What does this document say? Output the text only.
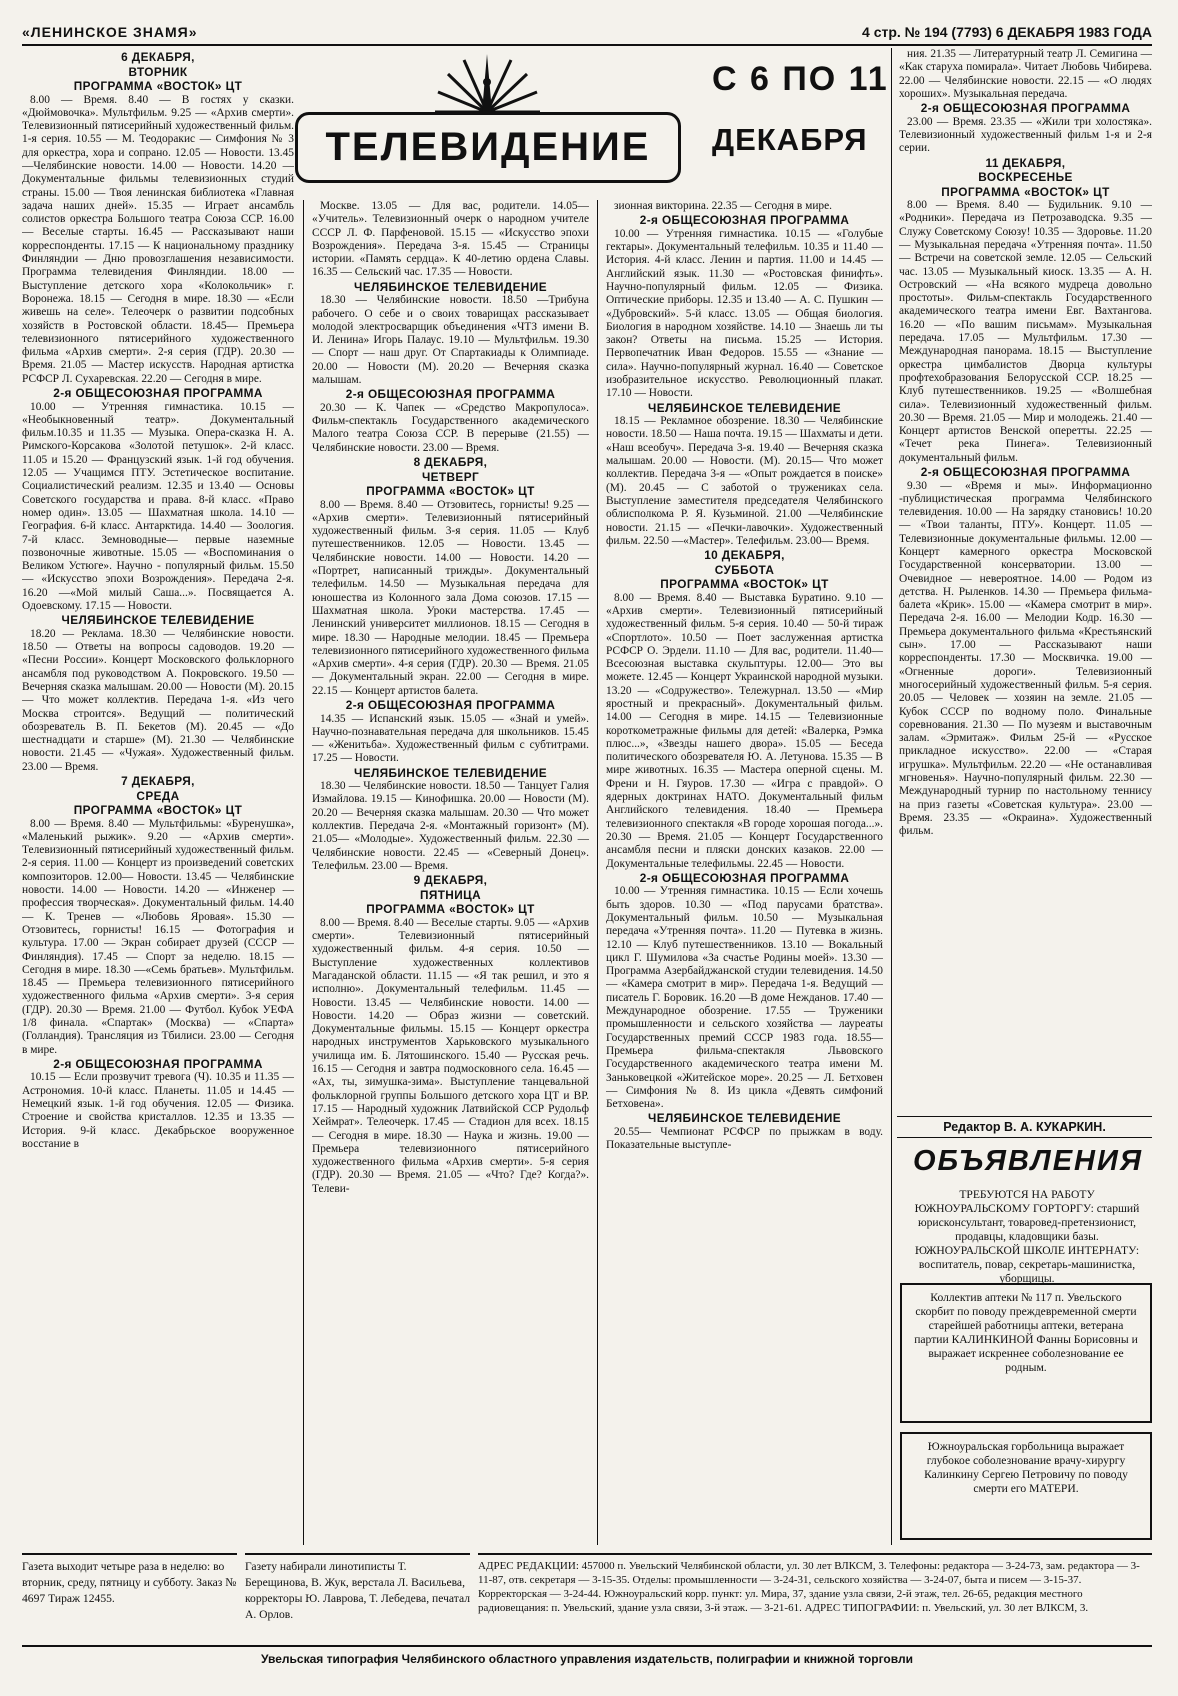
«ЛЕНИНСКОЕ ЗНАМЯ»	4 стр. № 194 (7793) 6 ДЕКАБРЯ 1983 ГОДА
ТЕЛЕВИДЕНИЕ
С 6 ПО 11
ДЕКАБРЯ
6 ДЕКАБРЯ,
ВТОРНИК
ПРОГРАММА «ВОСТОК» ЦТ

8.00 — Время. 8.40 — В гостях у сказки. «Дюймовочка». Мультфильм. 9.25 — «Архив смерти». Телевизионный пятисерийный художественный фильм. 1-я серия. 10.55 — М. Теодоракис — Симфония № 3 для оркестра, хора и сопрано. 12.05 — Новости. 13.45 —Челябинские новости. 14.00 — Новости. 14.20 — Документальные фильмы телевизионных студий страны. 15.00 — Твоя ленинская библиотека «Главная задача наших дней». 15.35 — Играет ансамбль солистов оркестра Большого театра Союза ССР. 16.00 — Веселые старты. 16.45 — Рассказывают наши корреспонденты. 17.15 — К национальному празднику Финляндии — Дню провозглашения независимости. Программа телевидения Финляндии. 18.00 —Выступление детского хора «Колокольчик» г. Воронежа. 18.15 — Сегодня в мире. 18.30 — «Если живешь на селе». Телеочерк о развитии подсобных хозяйств в Ростовской области. 18.45— Премьера телевизионного пятисерийного художественного фильма «Архив смерти». 2-я серия (ГДР). 20.30 — Время. 21.05 — Мастер искусств. Народная артистка РСФСР Л. Сухаревская. 22.20 — Сегодня в мире.

2-я ОБЩЕСОЮЗНАЯ ПРОГРАММА

10.00 — Утренняя гимнастика. 10.15 — «Необыкновенный театр». Документальный фильм.10.35 и 11.35 — Музыка. Опера-сказка Н. А. Римского-Корсакова «Золотой петушок». 2-й класс. 11.05 и 15.20 — Французский язык. 1-й год обучения. 12.05 — Учащимся ПТУ. Эстетическое воспитание. Социалистический реализм. 12.35 и 13.40 — Основы Советского государства и права. 8-й класс. «Право номер один». 13.05 — Шахматная школа. 14.10 — География. 6-й класс. Антарктида. 14.40 — Зоология. 7-й класс. Земноводные— первые наземные позвоночные животные. 15.05 — «Воспоминания о Великом Устюге». Научно - популярный фильм. 15.50 — «Искусство эпохи Возрождения». Передача 2-я. 16.20 —«Мой милый Саша...». Посвящается А. Одоевскому. 17.15 — Новости.

ЧЕЛЯБИНСКОЕ ТЕЛЕВИДЕНИЕ

18.20 — Реклама. 18.30 — Челябинские новости. 18.50 — Ответы на вопросы садоводов. 19.20 — «Песни России». Концерт Московского фольклорного ансамбля под руководством А. Покровского. 19.50 — Вечерняя сказка малышам. 20.00 — Новости (М). 20.15 — Что может коллектив. Передача 1-я. «Из чего Москва строится». Ведущий — политический обозреватель В. П. Бекетов (М). 20.45 — «До шестнадцати и старше» (М). 21.30 — Челябинские новости. 21.45 — «Чужая». Художественный фильм. 23.00 — Время.

7 ДЕКАБРЯ,
СРЕДА
ПРОГРАММА «ВОСТОК» ЦТ

8.00 — Время. 8.40 — Мультфильмы: «Буренушка», «Маленький рыжик». 9.20 — «Архив смерти». Телевизионный пятисерийный художественный фильм. 2-я серия. 11.00 — Концерт из произведений советских композиторов. 12.00— Новости. 13.45 — Челябинские новости. 14.00 — Новости. 14.20 — «Инженер — профессия творческая». Документальный фильм. 14.40 — К. Тренев — «Любовь Яровая». 15.30 — Отзовитесь, горнисты! 16.15 — Фотография и культура. 17.00 — Экран собирает друзей (СССР — Финляндия). 17.45 — Спорт за неделю. 18.15 — Сегодня в мире. 18.30 —«Семь братьев». Мультфильм. 18.45 — Премьера телевизионного пятисерийного художественного фильма «Архив смерти». 3-я серия (ГДР). 20.30 — Время. 21.00 — Футбол. Кубок УЕФА 1/8 финала. «Спартак» (Москва) — «Спарта» (Голландия). Трансляция из Тбилиси. 23.00 — Сегодня в мире.

2-я ОБЩЕСОЮЗНАЯ ПРОГРАММА

10.15 — Если прозвучит тревога (Ч). 10.35 и 11.35 — Астрономия. 10-й класс. Планеты. 11.05 и 14.45 — Немецкий язык. 1-й год обучения. 12.05 — Физика. Строение и свойства кристаллов. 12.35 и 13.35 — История. 9-й класс. Декабрьское вооруженное восстание в

Москве. 13.05 — Для вас, родители. 14.05— «Учитель». Телевизионный очерк о народном учителе СССР Л. Ф. Парфеновой. 15.15 — «Искусство эпохи Возрождения». Передача 3-я. 15.45 — Страницы истории. «Память сердца». К 40-летию ордена Славы. 16.35 — Сельский час. 17.35 — Новости.

ЧЕЛЯБИНСКОЕ ТЕЛЕВИДЕНИЕ

18.30 — Челябинские новости. 18.50 —Трибуна рабочего. О себе и о своих товарищах рассказывает молодой электросварщик объединения «ЧТЗ имени В. И. Ленина» Игорь Палаус. 19.10 — Мультфильм. 19.30 — Спорт — наш друг. От Спартакиады к Олимпиаде. 20.00 — Новости (М). 20.20 — Вечерняя сказка малышам.

2-я ОБЩЕСОЮЗНАЯ ПРОГРАММА

20.30 — К. Чапек — «Средство Макропулоса». Фильм-спектакль Государственного академического Малого театра Союза ССР. В перерыве (21.55) — Челябинские новости. 23.00 — Время.

8 ДЕКАБРЯ,
ЧЕТВЕРГ
ПРОГРАММА «ВОСТОК» ЦТ

8.00 — Время. 8.40 — Отзовитесь, горнисты! 9.25 — «Архив смерти». Телевизионный пятисерийный художественный фильм. 3-я серия. 11.05 — Клуб путешественников. 12.05 — Новости. 13.45 — Челябинские новости. 14.00 — Новости. 14.20 — «Портрет, написанный трижды». Документальный телефильм. 14.50 — Музыкальная передача для юношества из Колонного зала Дома союзов. 17.15 — Шахматная школа. Уроки мастерства. 17.45 — Ленинский университет миллионов. 18.15 — Сегодня в мире. 18.30 — Народные мелодии. 18.45 — Премьера телевизионного пятисерийного художественного фильма «Архив смерти». 4-я серия (ГДР). 20.30 — Время. 21.05 — Документальный экран. 22.00 — Сегодня в мире. 22.15 — Концерт артистов балета.

2-я ОБЩЕСОЮЗНАЯ ПРОГРАММА

14.35 — Испанский язык. 15.05 — «Знай и умей». Научно-познавательная передача для школьников. 15.45 — «Женитьба». Художественный фильм с субтитрами. 17.25 — Новости.

ЧЕЛЯБИНСКОЕ ТЕЛЕВИДЕНИЕ

18.30 — Челябинские новости. 18.50 — Танцует Галия Измайлова. 19.15 — Кинофишка. 20.00 — Новости (М). 20.20 — Вечерняя сказка малышам. 20.30 — Что может коллектив. Передача 2-я. «Монтажный горизонт» (М). 21.05— «Молодые». Художественный фильм. 22.30 — Челябинские новости. 22.45 — «Северный Донец». Телефильм. 23.00 — Время.

9 ДЕКАБРЯ,
ПЯТНИЦА
ПРОГРАММА «ВОСТОК» ЦТ

8.00 — Время. 8.40 — Веселые старты. 9.05 — «Архив смерти». Телевизионный пятисерийный художественный фильм. 4-я серия. 10.50 — Выступление художественных коллективов Магаданской области. 11.15 — «Я так решил, и это я исполню». Документальный телефильм. 11.45 — Новости. 13.45 — Челябинские новости. 14.00 — Новости. 14.20 — Образ жизни — советский. Документальные фильмы. 15.15 — Концерт оркестра народных инструментов Харьковского музыкального училища им. Б. Лятошинского. 15.40 — Русская речь. 16.15 — Сегодня и завтра подмосковного села. 16.45 — «Ах, ты, зимушка-зима». Выступление танцевальной фольклорной группы Большого детского хора ЦТ и ВР. 17.15 — Народный художник Латвийской ССР Рудольф Хеймрат». Телеочерк. 17.45 — Стадион для всех. 18.15 — Сегодня в мире. 18.30 — Наука и жизнь. 19.00 — Премьера телевизионного пятисерийного художественного фильма «Архив смерти». 5-я серия (ГДР). 20.30 — Время. 21.05 — «Что? Где? Когда?». Телеви-

зионная викторина. 22.35 — Сегодня в мире.

2-я ОБЩЕСОЮЗНАЯ ПРОГРАММА

10.00 — Утренняя гимнастика. 10.15 — «Голубые гектары». Документальный телефильм. 10.35 и 11.40 — История. 4-й класс. Ленин и партия. 11.00 и 14.45 — Английский язык. 11.30 — «Ростовская финифть». Научно-популярный фильм. 12.05 — Физика. Оптические приборы. 12.35 и 13.40 — А. С. Пушкин — «Дубровский». 5-й класс. 13.05 — Общая биология. Биология в народном хозяйстве. 14.10 — Знаешь ли ты закон? Ответы на письма. 15.25 — История. Первопечатник Иван Федоров. 15.55 — «Знание — сила». Научно-популярный журнал. 16.40 — Советское изобразительное искусство. Революционный плакат. 17.10 — Новости.

ЧЕЛЯБИНСКОЕ ТЕЛЕВИДЕНИЕ

18.15 — Рекламное обозрение. 18.30 — Челябинские новости. 18.50 — Наша почта. 19.15 — Шахматы и дети. «Наш всеобуч». Передача 3-я. 19.40 — Вечерняя сказка малышам. 20.00 — Новости. (М). 20.15— Что может коллектив. Передача 3-я — «Опыт рождается в поиске» (М). 20.45 — С заботой о тружениках села. Выступление заместителя председателя Челябинского облисполкома Р. Я. Кузьминой. 21.00 —Челябинские новости. 21.15 — «Печки-лавочки». Художественный фильм. 22.50 —«Мастер». Телефильм. 23.00— Время.

10 ДЕКАБРЯ,
СУББОТА
ПРОГРАММА «ВОСТОК» ЦТ

8.00 — Время. 8.40 — Выставка Буратино. 9.10 — «Архив смерти». Телевизионный пятисерийный художественный фильм. 5-я серия. 10.40 — 50-й тираж «Спортлото». 10.50 — Поет заслуженная артистка РСФСР О. Эрдели. 11.10 — Для вас, родители. 11.40—Всесоюзная выставка скульптуры. 12.00— Это вы можете. 12.45 — Концерт Украинской народной музыки. 13.20 — «Содружество». Тележурнал. 13.50 — «Мир яростный и прекрасный». Документальный фильм. 14.00 — Сегодня в мире. 14.15 — Телевизионные короткометражные фильмы для детей: «Валерка, Рэмка плюс...», «Звезды нашего двора». 15.05 — Беседа политического обозревателя Ю. А. Летунова. 15.35 — В мире животных. 16.35 — Мастера оперной сцены. М. Френи и Н. Гяуров. 17.30 — «Игра с правдой». О ядерных доктринах НАТО. Документальный фильм Английского телевидения. 18.40 — Премьера телевизионного спектакля «В городе хорошая погода...». 20.30 — Время. 21.05 — Концерт Государственного ансамбля песни и пляски донских казаков. 22.00 — Документальные телефильмы. 22.45 — Новости.

2-я ОБЩЕСОЮЗНАЯ ПРОГРАММА

10.00 — Утренняя гимнастика. 10.15 — Если хочешь быть здоров. 10.30 — «Под парусами братства». Документальный фильм. 10.50 — Музыкальная передача «Утренняя почта». 11.20 — Путевка в жизнь. 12.10 — Клуб путешественников. 13.10 — Вокальный цикл Г. Шумилова «За счастье Родины моей». 13.30 — Программа Азербайджанской студии телевидения. 14.50 — «Камера смотрит в мир». Передача 1-я. Ведущий — писатель Г. Боровик. 16.20 —В доме Нежданов. 17.40 — Международное обозрение. 17.55 — Труженики промышленности и сельского хозяйства — лауреаты Государственных премий СССР 1983 года. 18.55—Премьера фильма-спектакля Львовского Государственного академического театра имени М. Заньковецкой «Житейское море». 20.25 — Л. Бетховен — Симфония № 8. Из цикла «Девять симфоний Бетховена».

ЧЕЛЯБИНСКОЕ ТЕЛЕВИДЕНИЕ

20.55— Чемпионат РСФСР по прыжкам в воду. Показательные выступле-

ния. 21.35 — Литературный театр Л. Семигина — «Как старуха помирала». Читает Любовь Чибирева. 22.00 — Челябинские новости. 22.15 — «О людях хороших». Музыкальная передача.

2-я ОБЩЕСОЮЗНАЯ ПРОГРАММА

23.00 — Время. 23.35 — «Жили три холостяка». Телевизионный художественный фильм 1-я и 2-я серии.

11 ДЕКАБРЯ,
ВОСКРЕСЕНЬЕ
ПРОГРАММА «ВОСТОК» ЦТ

8.00 — Время. 8.40 — Будильник. 9.10 — «Родники». Передача из Петрозаводска. 9.35 — Служу Советскому Союзу! 10.35 — Здоровье. 11.20 — Музыкальная передача «Утренняя почта». 11.50 — Встречи на советской земле. 12.05 — Сельский час. 13.05 — Музыкальный киоск. 13.35 — А. Н. Островский — «На всякого мудреца довольно простоты». Фильм-спектакль Государственного академического театра имени Евг. Вахтангова. 16.20 — «По вашим письмам». Музыкальная передача. 17.05 — Мультфильм. 17.30 — Международная панорама. 18.15 — Выступление оркестра цимбалистов Дворца культуры профтехобразования Белорусской ССР. 18.25 — Клуб путешественников. 19.25 — «Волшебная сила». Телевизионный художественный фильм. 20.30 — Время. 21.05 — Мир и молодежь. 21.40 — Концерт артистов Венской оперетты. 22.25 — «Течет река Пинега». Телевизионный документальный фильм.

2-я ОБЩЕСОЮЗНАЯ ПРОГРАММА

9.30 — «Время и мы». Информационно -публицистическая программа Челябинского телевидения. 10.00 — На зарядку становись! 10.20 — «Твои таланты, ПТУ». Концерт. 11.05 — Телевизионные документальные фильмы. 12.00 — Концерт камерного оркестра Московской Государственной консерватории. 13.00 — Очевидное — невероятное. 14.00 — Родом из детства. Н. Рыленков. 14.30 — Премьера фильма-балета «Крик». 15.00 — «Камера смотрит в мир». Передача 2-я. 16.00 — Мелодии Кодр. 16.30 — Премьера документального фильма «Крестьянский сын». 17.00 — Рассказывают наши корреспонденты. 17.30 — Москвичка. 19.00 — «Огненные дороги». Телевизионный многосерийный художественный фильм. 5-я серия. 20.05 — Человек — хозяин на земле. 21.05 — Кубок СССР по водному поло. Финальные соревнования. 21.30 — По музеям и выставочным залам. «Эрмитаж». Фильм 25-й — «Русское прикладное искусство». 22.00 — «Старая игрушка». Мультфильм. 22.20 — «Не останавливая мгновенья». Научно-популярный фильм. 22.30 — Международный турнир по настольному теннису на приз газеты «Советская культура». 23.00 — Время. 23.35 — «Окраина». Художественный фильм.

Редактор В. А. КУКАРКИН.
ОБЪЯВЛЕНИЯ
ТРЕБУЮТСЯ НА РАБОТУ ЮЖНОУРАЛЬСКОМУ ГОРТОРГУ: старший юрисконсультант, товаровед-претензионист, продавцы, кладовщики базы. ЮЖНОУРАЛЬСКОЙ ШКОЛЕ ИНТЕРНАТУ: воспитатель, повар, секретарь-машинистка, уборщицы.
Коллектив аптеки № 117 п. Увельского скорбит по поводу преждевременной смерти старейшей работницы аптеки, ветерана партии КАЛИНКИНОЙ Фанны Борисовны и выражает искреннее соболезнование ее родным.
Южноуральская горбольница выражает глубокое соболезнование врачу-хирургу Калинкину Сергею Петровичу по поводу смерти его МАТЕРИ.
Газета выходит четыре раза в неделю: во вторник, среду, пятницу и субботу. Заказ № 4697 Тираж 12455.
Газету набирали линотиписты Т. Берещинова, В. Жук, верстала Л. Васильева, корректоры Ю. Лаврова, Т. Лебедева, печатал А. Орлов.
АДРЕС РЕДАКЦИИ: 457000 п. Увельский Челябинской области, ул. 30 лет ВЛКСМ, 3. Телефоны: редактора — 3-24-73, зам. редактора — 3-11-87, отв. секретаря — 3-15-35. Отделы: промышленности — 3-24-31, сельского хозяйства — 3-24-07, быта и писем — 3-15-37. Корректорская — 3-24-44. Южноуральский корр. пункт: ул. Мира, 37, здание узла связи, 2-й этаж, тел. 26-65, редакция местного радиовещания: п. Увельский, здание узла связи, 3-й этаж. — 3-21-61. АДРЕС ТИПОГРАФИИ: п. Увельский, ул. 30 лет ВЛКСМ, 3.
Увельская типография Челябинского областного управления издательств, полиграфии и книжной торговли
